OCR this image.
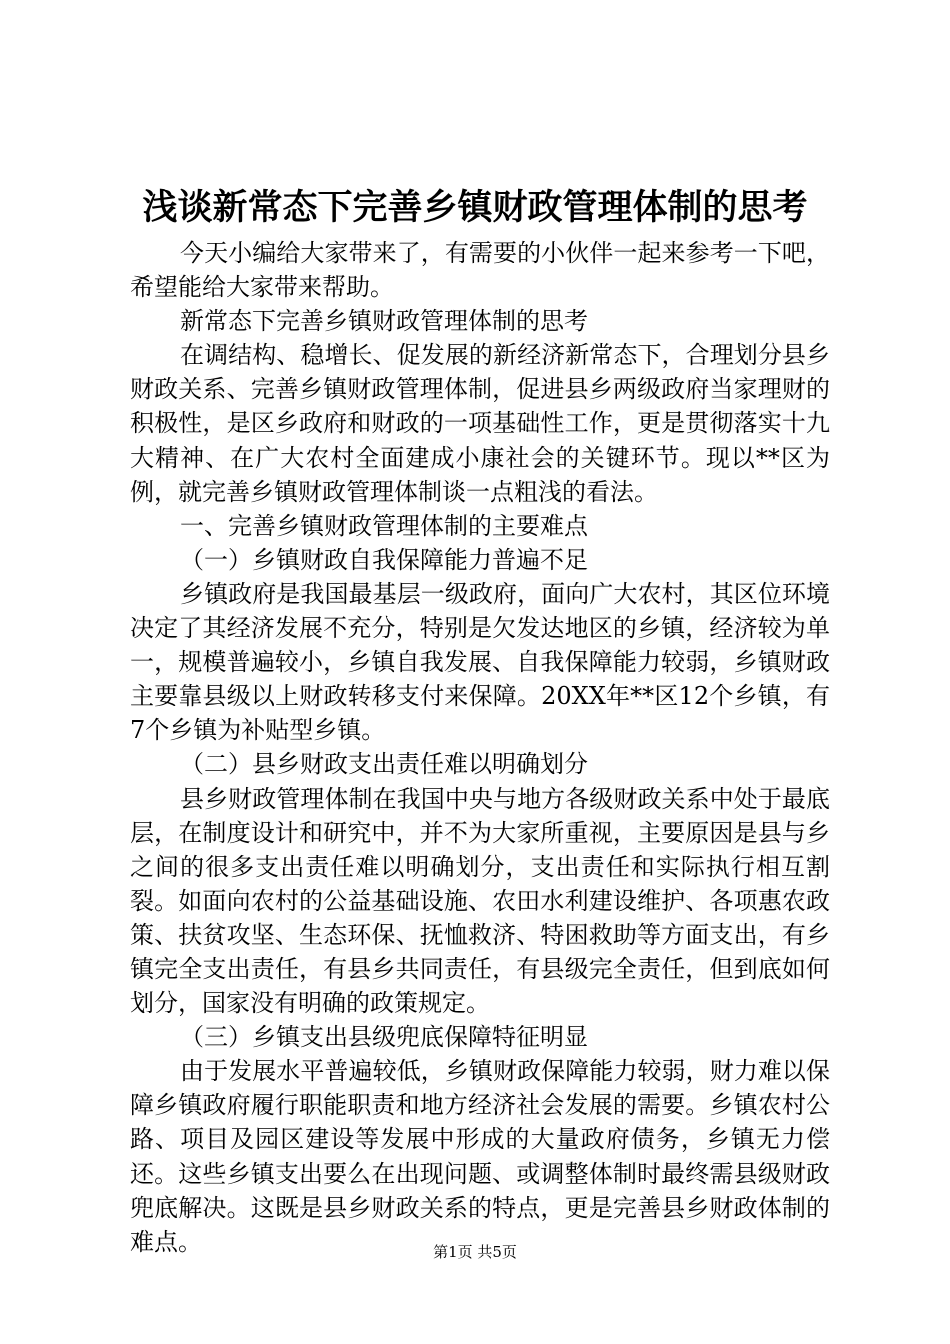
浅谈新常态下完善乡镇财政管理体制的思考

今天小编给大家带来了，有需要的小伙伴一起来参考一下吧，希望能给大家带来帮助。

新常态下完善乡镇财政管理体制的思考

在调结构、稳增长、促发展的新经济新常态下，合理划分县乡财政关系、完善乡镇财政管理体制，促进县乡两级政府当家理财的积极性，是区乡政府和财政的一项基础性工作，更是贯彻落实十九大精神、在广大农村全面建成小康社会的关键环节。现以**区为例，就完善乡镇财政管理体制谈一点粗浅的看法。

一、完善乡镇财政管理体制的主要难点

（一）乡镇财政自我保障能力普遍不足

乡镇政府是我国最基层一级政府，面向广大农村，其区位环境决定了其经济发展不充分，特别是欠发达地区的乡镇，经济较为单一，规模普遍较小，乡镇自我发展、自我保障能力较弱，乡镇财政主要靠县级以上财政转移支付来保障。20XX年**区12个乡镇，有7个乡镇为补贴型乡镇。

（二）县乡财政支出责任难以明确划分

县乡财政管理体制在我国中央与地方各级财政关系中处于最底层，在制度设计和研究中，并不为大家所重视，主要原因是县与乡之间的很多支出责任难以明确划分，支出责任和实际执行相互割裂。如面向农村的公益基础设施、农田水利建设维护、各项惠农政策、扶贫攻坚、生态环保、抚恤救济、特困救助等方面支出，有乡镇完全支出责任，有县乡共同责任，有县级完全责任，但到底如何划分，国家没有明确的政策规定。

（三）乡镇支出县级兜底保障特征明显

由于发展水平普遍较低，乡镇财政保障能力较弱，财力难以保障乡镇政府履行职能职责和地方经济社会发展的需要。乡镇农村公路、项目及园区建设等发展中形成的大量政府债务，乡镇无力偿还。这些乡镇支出要么在出现问题、或调整体制时最终需县级财政兜底解决。这既是县乡财政关系的特点，更是完善县乡财政体制的难点。	第1页 共5页
